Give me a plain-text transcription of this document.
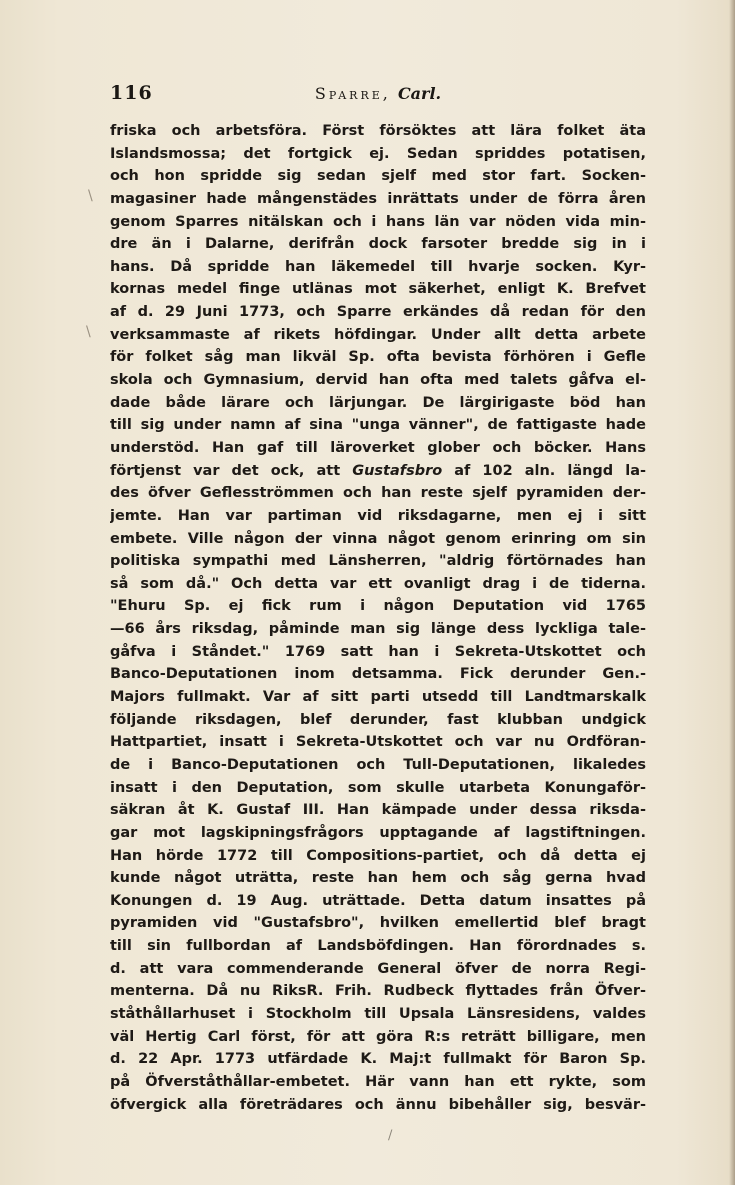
116	Sparre, Carl.
\
\
friska och arbetsföra. Först försöktes att lära folket äta
Islandsmossa; det fortgick ej. Sedan spriddes potatisen,
och hon spridde sig sedan sjelf med stor fart. Socken-
magasiner hade mångenstädes inrättats under de förra åren
genom Sparres nitälskan och i hans län var nöden vida min-
dre än i Dalarne, derifrån dock farsoter bredde sig in i
hans. Då spridde han läkemedel till hvarje socken. Kyr-
kornas medel finge utlänas mot säkerhet, enligt K. Brefvet
af d. 29 Juni 1773, och Sparre erkändes då redan för den
verksammaste af rikets höfdingar. Under allt detta arbete
för folket såg man likväl Sp. ofta bevista förhören i Gefle
skola och Gymnasium, dervid han ofta med talets gåfva el-
dade både lärare och lärjungar. De lärgirigaste böd han
till sig under namn af sina "unga vänner", de fattigaste hade
understöd. Han gaf till läroverket glober och böcker. Hans
förtjenst var det ock, att Gustafsbro af 102 aln. längd la-
des öfver Geflesströmmen och han reste sjelf pyramiden der-
jemte. Han var partiman vid riksdagarne, men ej i sitt
embete. Ville någon der vinna något genom erinring om sin
politiska sympathi med Länsherren, "aldrig förtörnades han
så som då." Och detta var ett ovanligt drag i de tiderna.
"Ehuru Sp. ej fick rum i någon Deputation vid 1765
—66 års riksdag, påminde man sig länge dess lyckliga tale-
gåfva i Ståndet." 1769 satt han i Sekreta-Utskottet och
Banco-Deputationen inom detsamma. Fick derunder Gen.-
Majors fullmakt. Var af sitt parti utsedd till Landtmarskalk
följande riksdagen, blef derunder, fast klubban undgick
Hattpartiet, insatt i Sekreta-Utskottet och var nu Ordföran-
de i Banco-Deputationen och Tull-Deputationen, likaledes
insatt i den Deputation, som skulle utarbeta Konungaför-
säkran åt K. Gustaf III. Han kämpade under dessa riksda-
gar mot lagskipningsfrågors upptagande af lagstiftningen.
Han hörde 1772 till Compositions-partiet, och då detta ej
kunde något uträtta, reste han hem och såg gerna hvad
Konungen d. 19 Aug. uträttade. Detta datum insattes på
pyramiden vid "Gustafsbro", hvilken emellertid blef bragt
till sin fullbordan af Landsböfdingen. Han förordnades s.
d. att vara commenderande General öfver de norra Regi-
menterna. Då nu RiksR. Frih. Rudbeck flyttades från Öfver-
ståthållarhuset i Stockholm till Upsala Länsresidens, valdes
väl Hertig Carl först, för att göra R:s reträtt billigare, men
d. 22 Apr. 1773 utfärdade K. Maj:t fullmakt för Baron Sp.
på Öfverståthållar-embetet. Här vann han ett rykte, som
öfvergick alla företrädares och ännu bibehåller sig, besvär-
/
